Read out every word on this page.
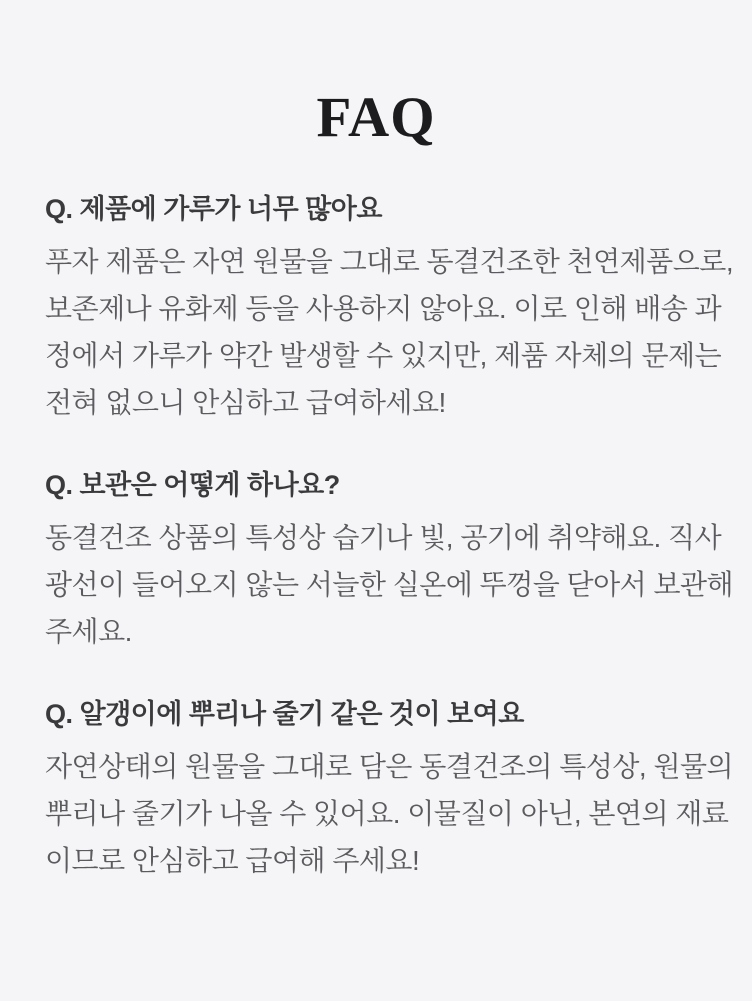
FAQ
Q. 제품에 가루가 너무 많아요
푸자 제품은 자연 원물을 그대로 동결건조한 천연제품으로,
보존제나 유화제 등을 사용하지 않아요. 이로 인해 배송 과
정에서 가루가 약간 발생할 수 있지만, 제품 자체의 문제는
전혀 없으니 안심하고 급여하세요!
Q. 보관은 어떻게 하나요?
동결건조 상품의 특성상 습기나 빛, 공기에 취약해요. 직사
광선이 들어오지 않는 서늘한 실온에 뚜껑을 닫아서 보관해
주세요.
Q. 알갱이에 뿌리나 줄기 같은 것이 보여요
자연상태의 원물을 그대로 담은 동결건조의 특성상, 원물의
뿌리나 줄기가 나올 수 있어요. 이물질이 아닌, 본연의 재료
이므로 안심하고 급여해 주세요!
